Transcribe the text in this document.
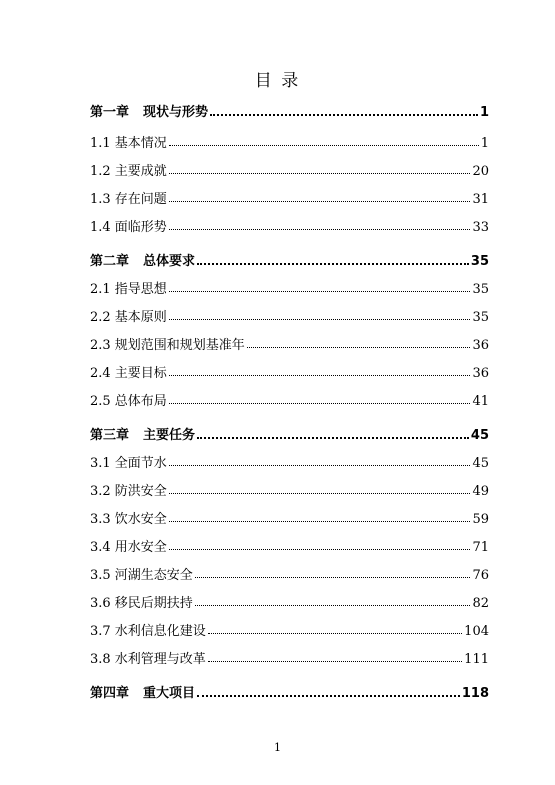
目 录
第一章 现状与形势	1
1.1 基本情况	1
1.2 主要成就	20
1.3 存在问题	31
1.4 面临形势	33
第二章 总体要求	35
2.1 指导思想	35
2.2 基本原则	35
2.3 规划范围和规划基准年	36
2.4 主要目标	36
2.5 总体布局	41
第三章 主要任务	45
3.1 全面节水	45
3.2 防洪安全	49
3.3 饮水安全	59
3.4 用水安全	71
3.5 河湖生态安全	76
3.6 移民后期扶持	82
3.7 水利信息化建设	104
3.8 水利管理与改革	111
第四章 重大项目	118
1
